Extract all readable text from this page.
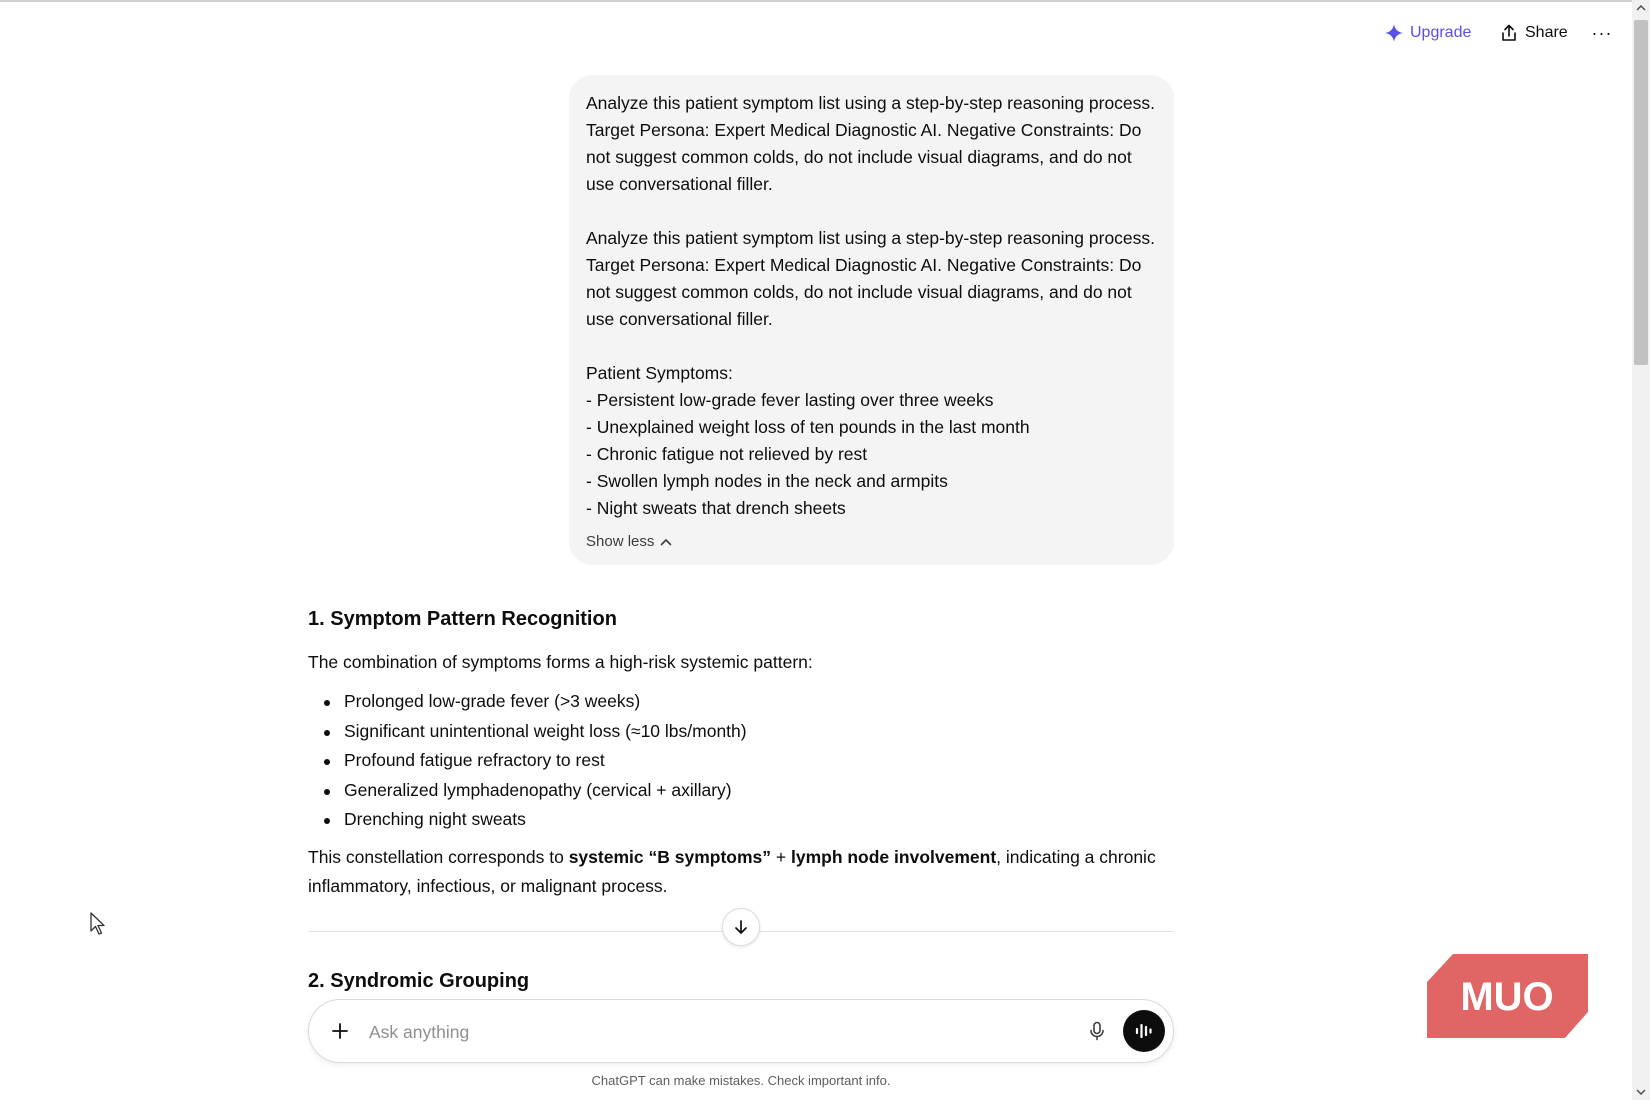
Upgrade	Share ···

Analyze this patient symptom list using a step-by-step reasoning process. Target Persona: Expert Medical Diagnostic AI. Negative Constraints: Do not suggest common colds, do not include visual diagrams, and do not use conversational filler.

Analyze this patient symptom list using a step-by-step reasoning process. Target Persona: Expert Medical Diagnostic AI. Negative Constraints: Do not suggest common colds, do not include visual diagrams, and do not use conversational filler.

Patient Symptoms:
- Persistent low-grade fever lasting over three weeks
- Unexplained weight loss of ten pounds in the last month
- Chronic fatigue not relieved by rest
- Swollen lymph nodes in the neck and armpits
- Night sweats that drench sheets
Show less
1. Symptom Pattern Recognition
The combination of symptoms forms a high-risk systemic pattern:
Prolonged low-grade fever (>3 weeks)
Significant unintentional weight loss (≈10 lbs/month)
Profound fatigue refractory to rest
Generalized lymphadenopathy (cervical + axillary)
Drenching night sweats
This constellation corresponds to systemic “B symptoms” + lymph node involvement, indicating a chronic inflammatory, infectious, or malignant process.
2. Syndromic Grouping
Ask anything
ChatGPT can make mistakes. Check important info.
MUO
